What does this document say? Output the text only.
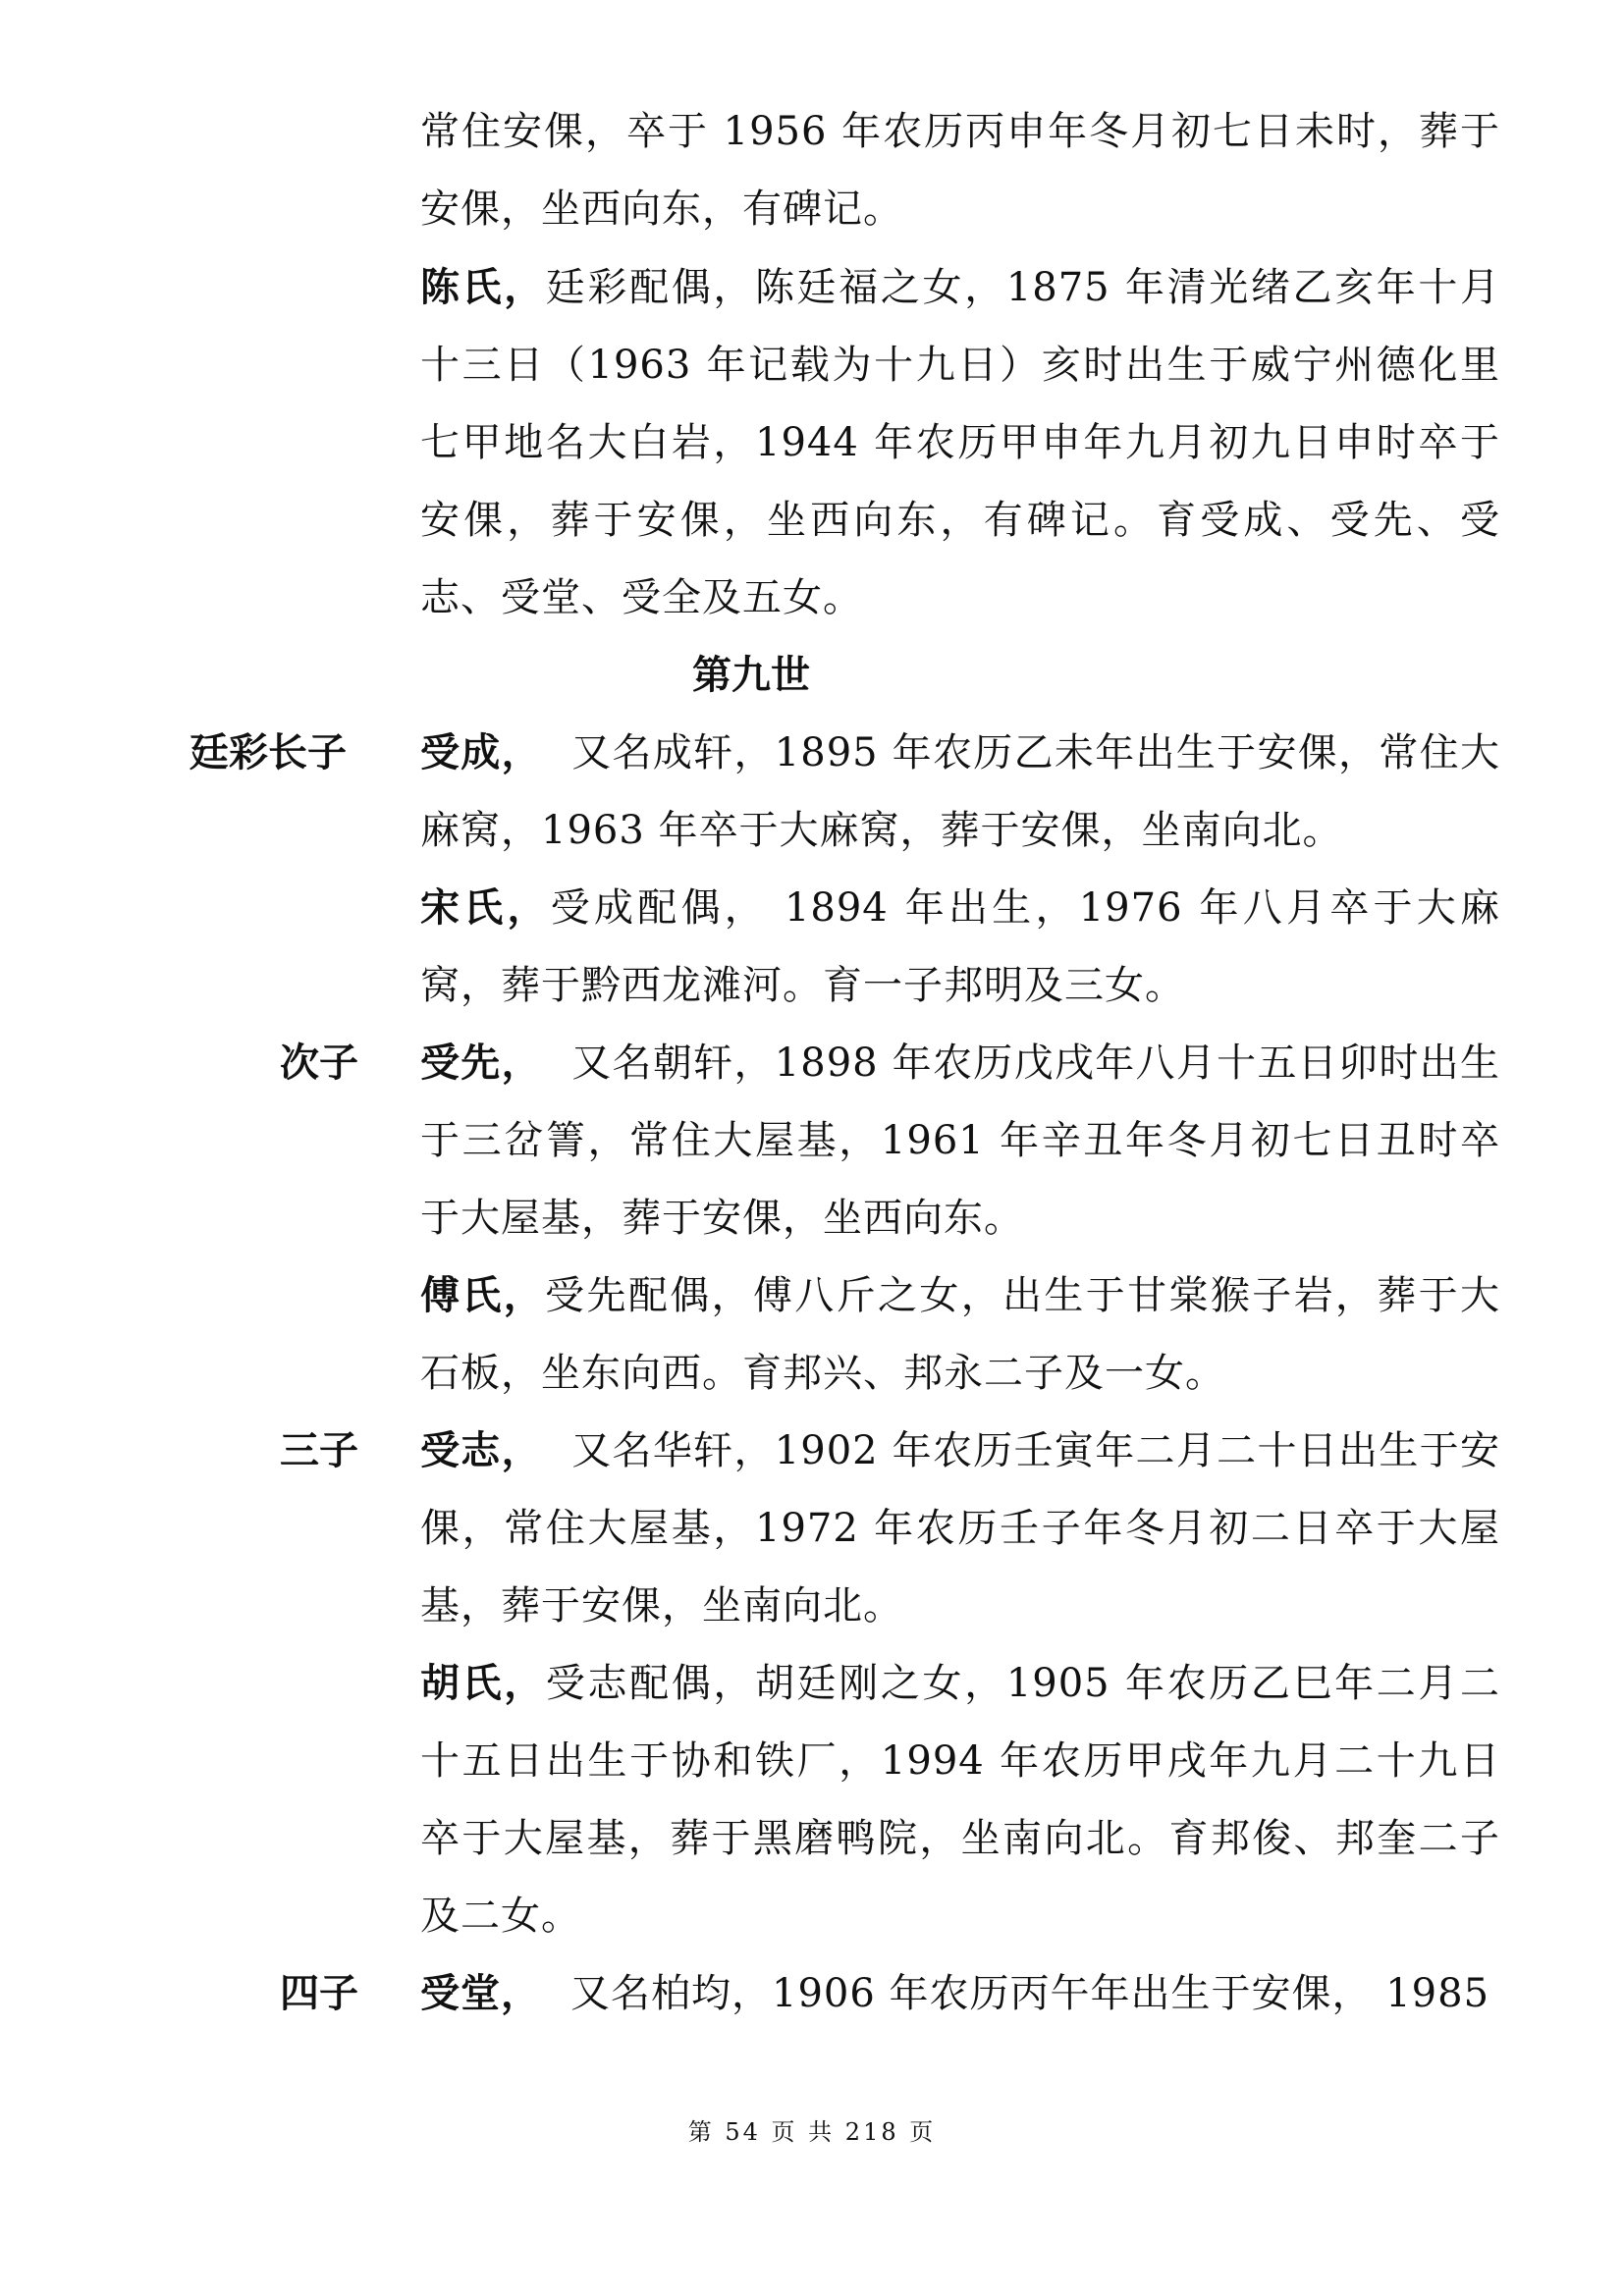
常住安倮，卒于 1956 年农历丙申年冬月初七日未时，葬于安倮，坐西向东，有碑记。

陈氏，廷彩配偶，陈廷福之女，1875 年清光绪乙亥年十月十三日（1963 年记载为十九日）亥时出生于威宁州德化里七甲地名大白岩，1944 年农历甲申年九月初九日申时卒于安倮，葬于安倮，坐西向东，有碑记。育受成、受先、受志、受堂、受全及五女。

第九世
廷彩长子 受成， 又名成轩，1895 年农历乙未年出生于安倮，常住大麻窝，1963 年卒于大麻窝，葬于安倮，坐南向北。

宋氏，受成配偶， 1894 年出生，1976 年八月卒于大麻窝，葬于黔西龙滩河。育一子邦明及三女。

次子 受先， 又名朝轩，1898 年农历戊戌年八月十五日卯时出生于三岔箐，常住大屋基，1961 年辛丑年冬月初七日丑时卒于大屋基，葬于安倮，坐西向东。

傅氏，受先配偶，傅八斤之女，出生于甘棠猴子岩，葬于大石板，坐东向西。育邦兴、邦永二子及一女。

三子 受志， 又名华轩，1902 年农历壬寅年二月二十日出生于安倮，常住大屋基，1972 年农历壬子年冬月初二日卒于大屋基，葬于安倮，坐南向北。

胡氏，受志配偶，胡廷刚之女，1905 年农历乙巳年二月二十五日出生于协和铁厂，1994 年农历甲戌年九月二十九日卒于大屋基，葬于黑磨鸭院，坐南向北。育邦俊、邦奎二子及二女。

四子 受堂， 又名柏均，1906 年农历丙午年出生于安倮， 1985

第 54 页 共 218 页
